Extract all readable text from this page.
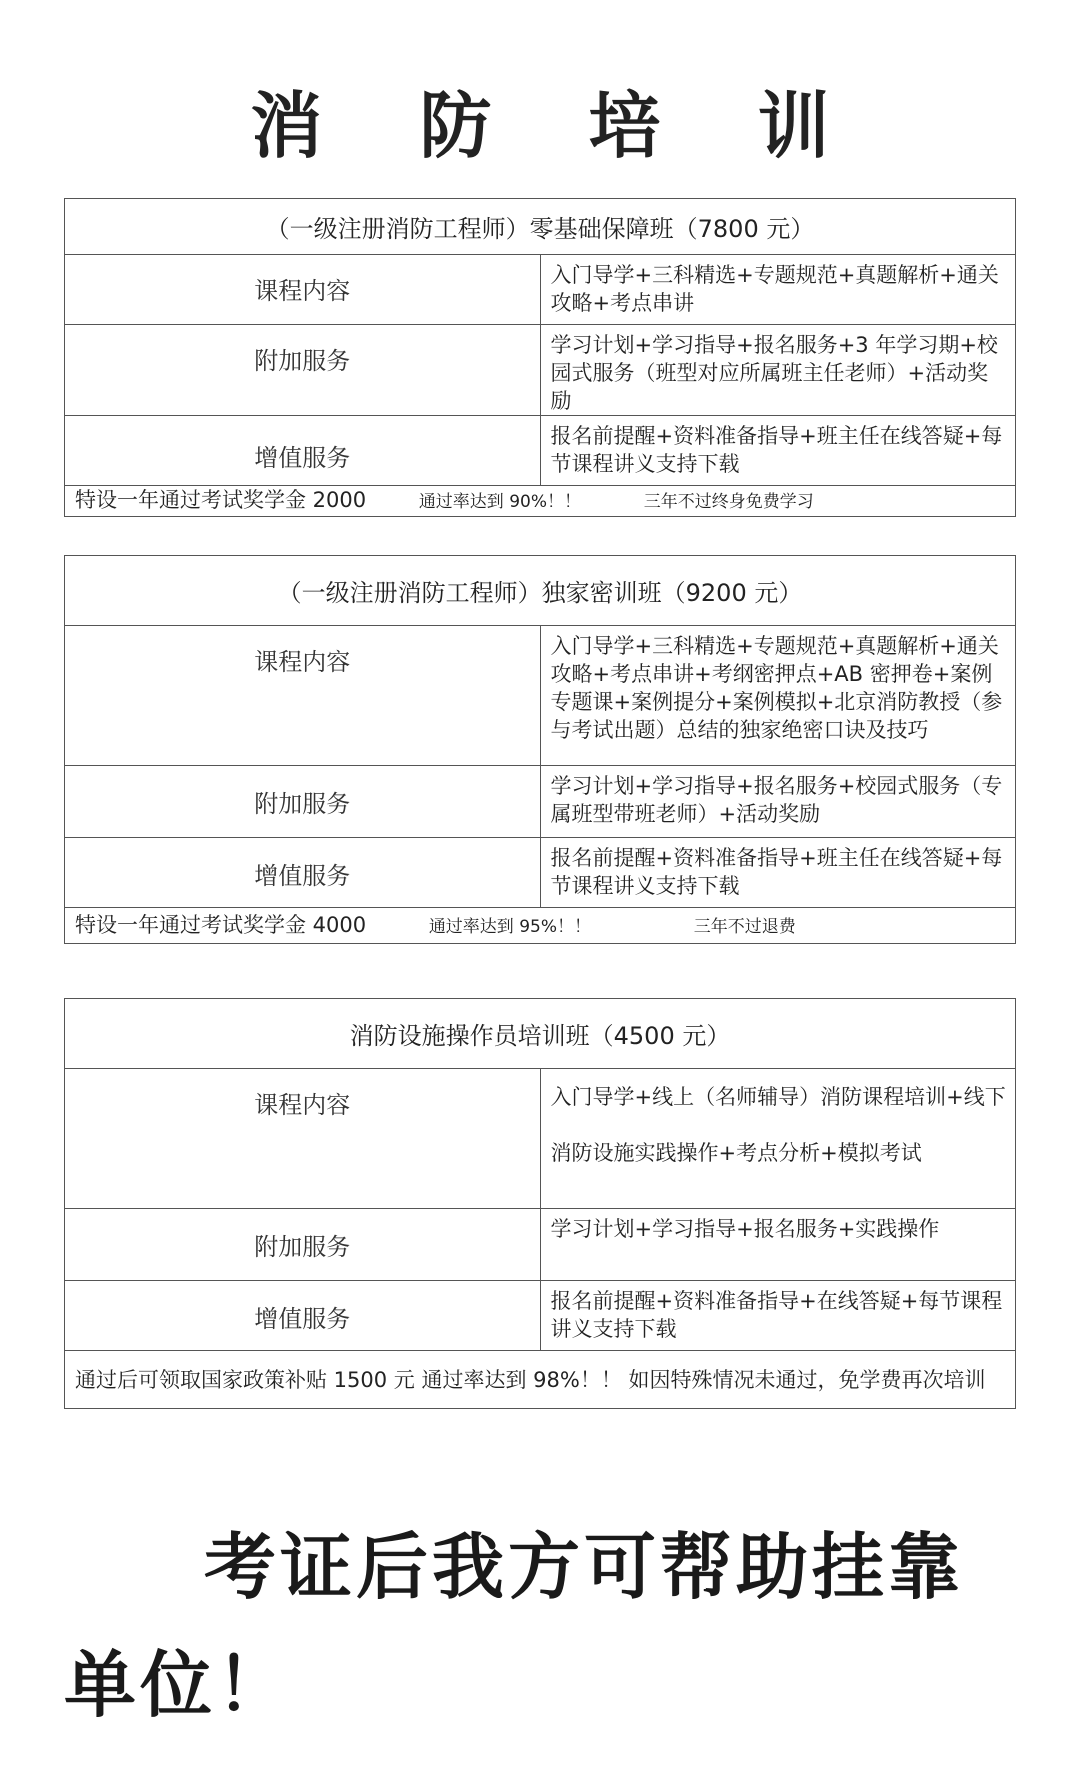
消 防 培 训
（一级注册消防工程师）零基础保障班（7800 元）	
课程内容	入门导学+三科精选+专题规范+真题解析+通关攻略+考点串讲
附加服务	学习计划+学习指导+报名服务+3 年学习期+校园式服务（班型对应所属班主任老师）+活动奖励
增值服务	报名前提醒+资料准备指导+班主任在线答疑+每节课程讲义支持下载
特设一年通过考试奖学金 2000 通过率达到 90%！！ 三年不过终身免费学习	
（一级注册消防工程师）独家密训班（9200 元）	
课程内容	入门导学+三科精选+专题规范+真题解析+通关攻略+考点串讲+考纲密押点+AB 密押卷+案例专题课+案例提分+案例模拟+北京消防教授（参与考试出题）总结的独家绝密口诀及技巧
附加服务	学习计划+学习指导+报名服务+校园式服务（专属班型带班老师）+活动奖励
增值服务	报名前提醒+资料准备指导+班主任在线答疑+每节课程讲义支持下载
特设一年通过考试奖学金 4000 通过率达到 95%！！ 三年不过退费	
消防设施操作员培训班（4500 元）	
课程内容	入门导学+线上（名师辅导）消防课程培训+线下消防设施实践操作+考点分析+模拟考试
附加服务	学习计划+学习指导+报名服务+实践操作
增值服务	报名前提醒+资料准备指导+在线答疑+每节课程讲义支持下载
通过后可领取国家政策补贴 1500 元 通过率达到 98%！！ 如因特殊情况未通过，免学费再次培训	
考证后我方可帮助挂靠单位！
